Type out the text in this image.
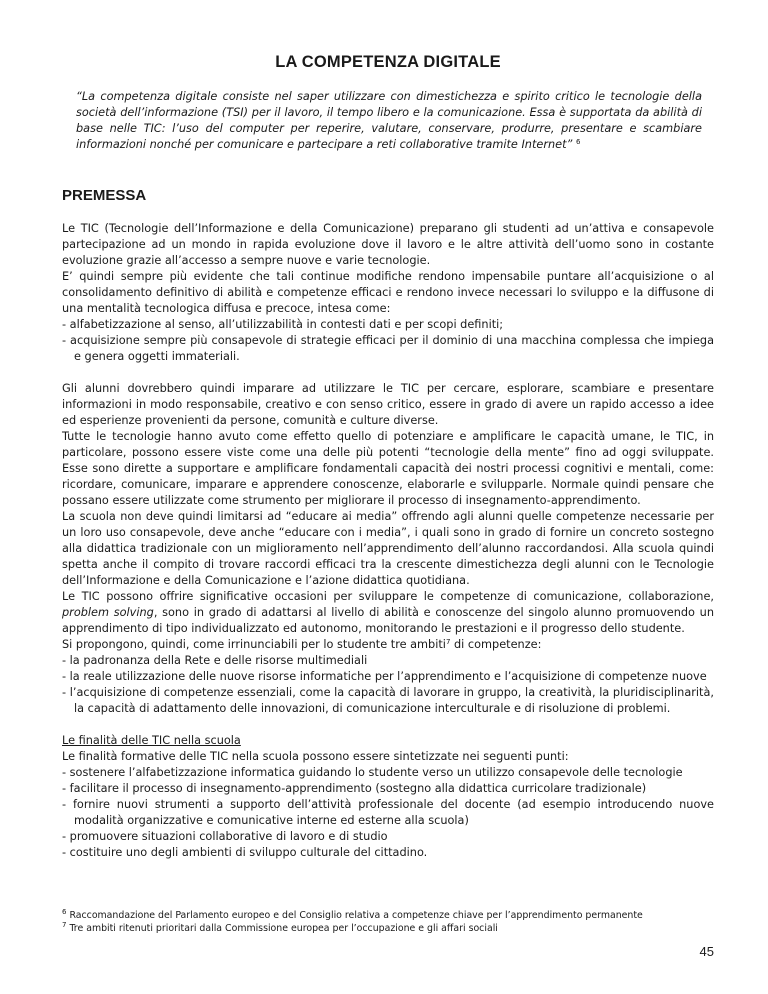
LA COMPETENZA DIGITALE

“La competenza digitale consiste nel saper utilizzare con dimestichezza e spirito critico le tecnologie della società dell’informazione (TSI) per il lavoro, il tempo libero e la comunicazione. Essa è supportata da abilità di base nelle TIC: l’uso del computer per reperire, valutare, conservare, produrre, presentare e scambiare informazioni nonché per comunicare e partecipare a reti collaborative tramite Internet” $^6$

PREMESSA

Le TIC (Tecnologie dell’Informazione e della Comunicazione) preparano gli studenti ad un’attiva e consapevole partecipazione ad un mondo in rapida evoluzione dove il lavoro e le altre attività dell’uomo sono in costante evoluzione grazie all’accesso a sempre nuove e varie tecnologie.

E’ quindi sempre più evidente che tali continue modifiche rendono impensabile puntare all’acquisizione o al consolidamento definitivo di abilità e competenze efficaci e rendono invece necessari lo sviluppo e la diffusone di una mentalità tecnologica diffusa e precoce, intesa come:

- alfabetizzazione al senso, all’utilizzabilità in contesti dati e per scopi definiti;
- acquisizione sempre più consapevole di strategie efficaci per il dominio di una macchina complessa che impiega e genera oggetti immateriali.

Gli alunni dovrebbero quindi imparare ad utilizzare le TIC per cercare, esplorare, scambiare e presentare informazioni in modo responsabile, creativo e con senso critico, essere in grado di avere un rapido accesso a idee ed esperienze provenienti da persone, comunità e culture diverse.

Tutte le tecnologie hanno avuto come effetto quello di potenziare e amplificare le capacità umane, le TIC, in particolare, possono essere viste come una delle più potenti “tecnologie della mente” fino ad oggi sviluppate. Esse sono dirette a supportare e amplificare fondamentali capacità dei nostri processi cognitivi e mentali, come: ricordare, comunicare, imparare e apprendere conoscenze, elaborarle e svilupparle. Normale quindi pensare che possano essere utilizzate come strumento per migliorare il processo di insegnamento-apprendimento.

La scuola non deve quindi limitarsi ad “educare ai media” offrendo agli alunni quelle competenze necessarie per un loro uso consapevole, deve anche “educare con i media”, i quali sono in grado di fornire un concreto sostegno alla didattica tradizionale con un miglioramento nell’apprendimento dell’alunno raccordandosi. Alla scuola quindi spetta anche il compito di trovare raccordi efficaci tra la crescente dimestichezza degli alunni con le Tecnologie dell’Informazione e della Comunicazione e l’azione didattica quotidiana.

Le TIC possono offrire significative occasioni per sviluppare le competenze di comunicazione, collaborazione, problem solving, sono in grado di adattarsi al livello di abilità e conoscenze del singolo alunno promuovendo un apprendimento di tipo individualizzato ed autonomo, monitorando le prestazioni e il progresso dello studente.

Si propongono, quindi, come irrinunciabili per lo studente tre ambiti$^7$ di competenze:

- la padronanza della Rete e delle risorse multimediali
- la reale utilizzazione delle nuove risorse informatiche per l’apprendimento e l’acquisizione di competenze nuove
- l’acquisizione di competenze essenziali, come la capacità di lavorare in gruppo, la creatività, la pluridisciplinarità, la capacità di adattamento delle innovazioni, di comunicazione interculturale e di risoluzione di problemi.

Le finalità delle TIC nella scuola

Le finalità formative delle TIC nella scuola possono essere sintetizzate nei seguenti punti:

- sostenere l’alfabetizzazione informatica guidando lo studente verso un utilizzo consapevole delle tecnologie
- facilitare il processo di insegnamento-apprendimento (sostegno alla didattica curricolare tradizionale)
- fornire nuovi strumenti a supporto dell’attività professionale del docente (ad esempio introducendo nuove modalità organizzative e comunicative interne ed esterne alla scuola)
- promuovere situazioni collaborative di lavoro e di studio
- costituire uno degli ambienti di sviluppo culturale del cittadino.

$^6$ Raccomandazione del Parlamento europeo e del Consiglio relativa a competenze chiave per l’apprendimento permanente

$^7$ Tre ambiti ritenuti prioritari dalla Commissione europea per l’occupazione e gli affari sociali

45
